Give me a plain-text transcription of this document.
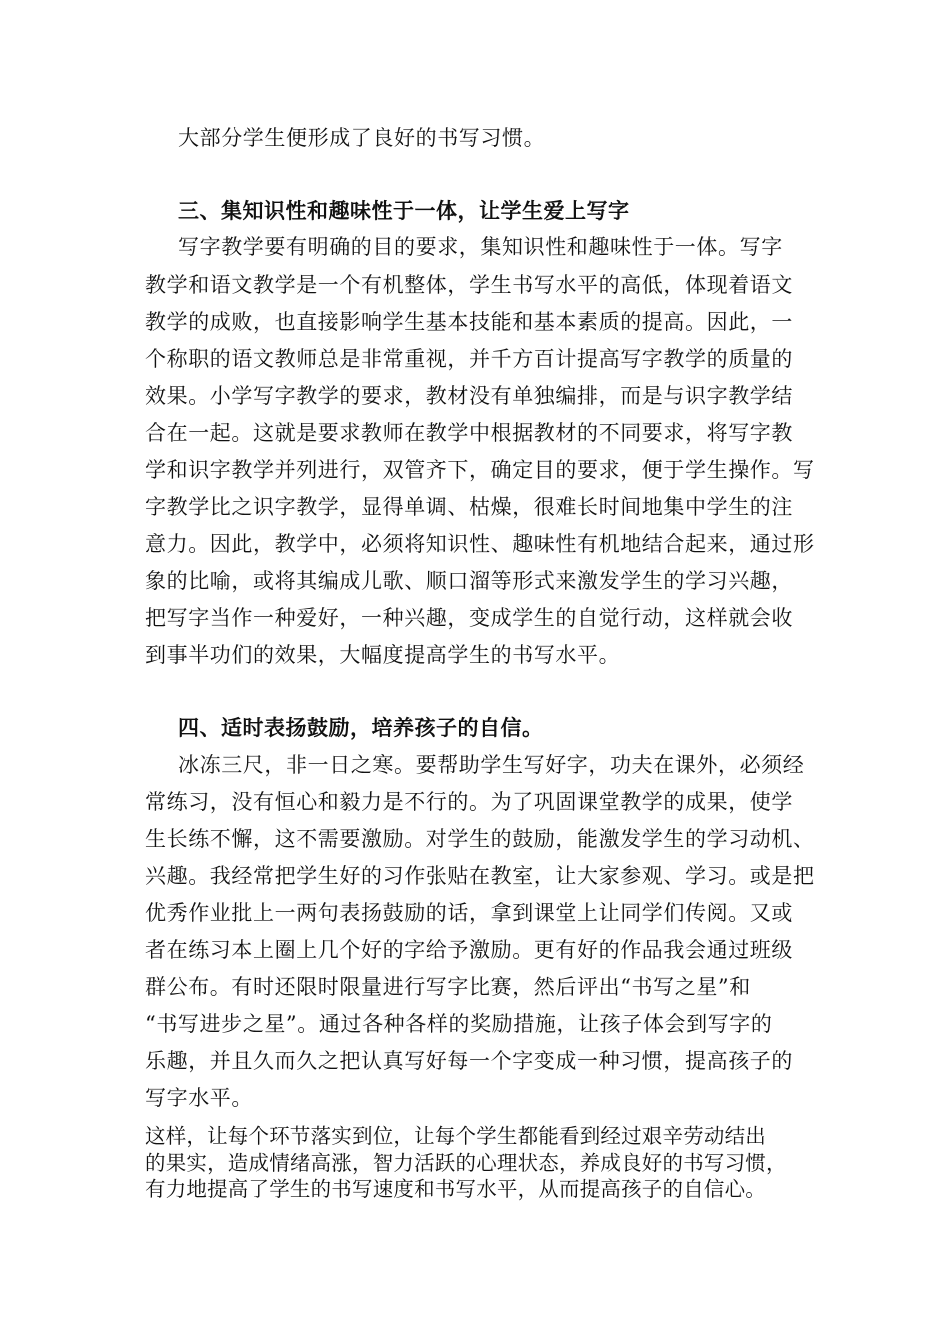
大部分学生便形成了良好的书写习惯。
三、集知识性和趣味性于一体，让学生爱上写字
写字教学要有明确的目的要求，集知识性和趣味性于一体。写字
教学和语文教学是一个有机整体，学生书写水平的高低，体现着语文
教学的成败，也直接影响学生基本技能和基本素质的提高。因此，一
个称职的语文教师总是非常重视，并千方百计提高写字教学的质量的
效果。小学写字教学的要求，教材没有单独编排，而是与识字教学结
合在一起。这就是要求教师在教学中根据教材的不同要求，将写字教
学和识字教学并列进行，双管齐下，确定目的要求，便于学生操作。写
字教学比之识字教学，显得单调、枯燥，很难长时间地集中学生的注
意力。因此，教学中，必须将知识性、趣味性有机地结合起来，通过形
象的比喻，或将其编成儿歌、顺口溜等形式来激发学生的学习兴趣，
把写字当作一种爱好，一种兴趣，变成学生的自觉行动，这样就会收
到事半功们的效果，大幅度提高学生的书写水平。
四、适时表扬鼓励，培养孩子的自信。
冰冻三尺，非一日之寒。要帮助学生写好字，功夫在课外，必须经
常练习，没有恒心和毅力是不行的。为了巩固课堂教学的成果，使学
生长练不懈，这不需要激励。对学生的鼓励，能激发学生的学习动机、
兴趣。我经常把学生好的习作张贴在教室，让大家参观、学习。或是把
优秀作业批上一两句表扬鼓励的话，拿到课堂上让同学们传阅。又或
者在练习本上圈上几个好的字给予激励。更有好的作品我会通过班级
群公布。有时还限时限量进行写字比赛，然后评出“书写之星”和
“书写进步之星”。通过各种各样的奖励措施，让孩子体会到写字的
乐趣，并且久而久之把认真写好每一个字变成一种习惯，提高孩子的
写字水平。
这样，让每个环节落实到位，让每个学生都能看到经过艰辛劳动结出
的果实，造成情绪高涨，智力活跃的心理状态，养成良好的书写习惯，
有力地提高了学生的书写速度和书写水平，从而提高孩子的自信心。
